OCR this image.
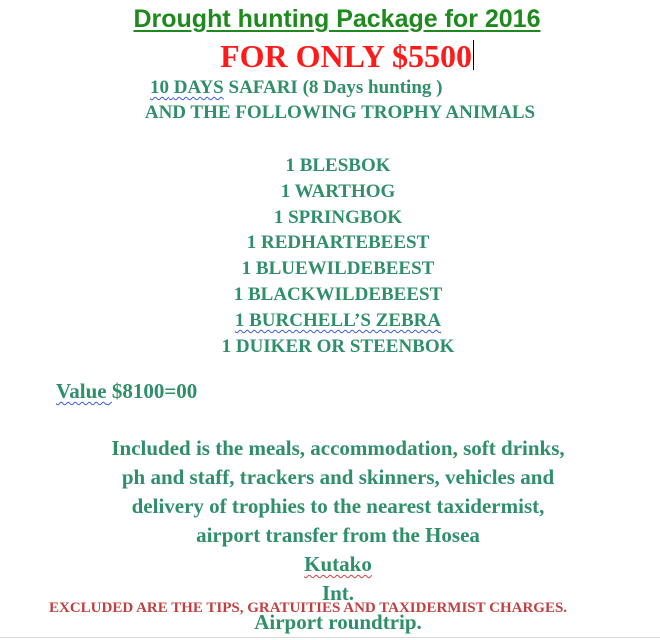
Drought hunting Package for 2016
FOR ONLY $5500
10 DAYS SAFARI (8 Days hunting )
AND THE FOLLOWING TROPHY ANIMALS
1 BLESBOK
1 WARTHOG
1 SPRINGBOK
1 REDHARTEBEEST
1 BLUEWILDEBEEST
1 BLACKWILDEBEEST
1 BURCHELL’S ZEBRA
1 DUIKER OR STEENBOK
Value $8100=00
Included is the meals, accommodation, soft drinks,
ph and staff, trackers and skinners, vehicles and
delivery of trophies to the nearest taxidermist,
airport transfer from the Hosea
Kutako
Int.
Airport roundtrip.
EXCLUDED ARE THE TIPS, GRATUITIES AND TAXIDERMIST CHARGES.
